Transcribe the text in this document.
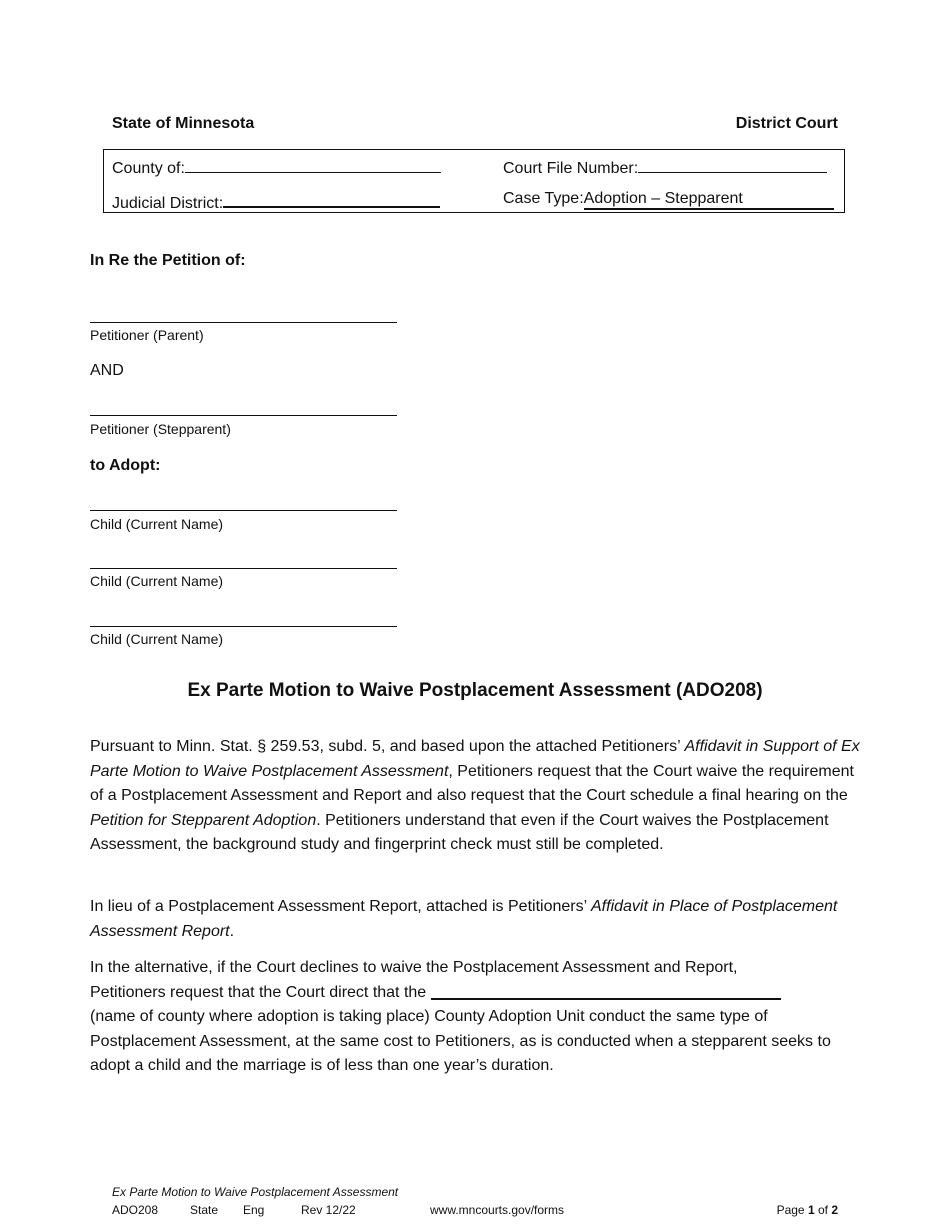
State of Minnesota	District Court
County of:	Court File Number:
Judicial District:	Case Type:Adoption – Stepparent
In Re the Petition of:
Petitioner (Parent)
AND
Petitioner (Stepparent)
to Adopt:
Child (Current Name)
Child (Current Name)
Child (Current Name)
Ex Parte Motion to Waive Postplacement Assessment (ADO208)
Pursuant to Minn. Stat. § 259.53, subd. 5, and based upon the attached Petitioners’ Affidavit in Support of Ex Parte Motion to Waive Postplacement Assessment, Petitioners request that the Court waive the requirement of a Postplacement Assessment and Report and also request that the Court schedule a final hearing on the Petition for Stepparent Adoption. Petitioners understand that even if the Court waives the Postplacement Assessment, the background study and fingerprint check must still be completed.
In lieu of a Postplacement Assessment Report, attached is Petitioners’ Affidavit in Place of Postplacement Assessment Report.
In the alternative, if the Court declines to waive the Postplacement Assessment and Report,
Petitioners request that the Court direct that the
(name of county where adoption is taking place) County Adoption Unit conduct the same type of Postplacement Assessment, at the same cost to Petitioners, as is conducted when a stepparent seeks to adopt a child and the marriage is of less than one year’s duration.
Ex Parte Motion to Waive Postplacement Assessment
ADO208	State Eng	Rev 12/22	www.mncourts.gov/forms	Page 1 of 2
